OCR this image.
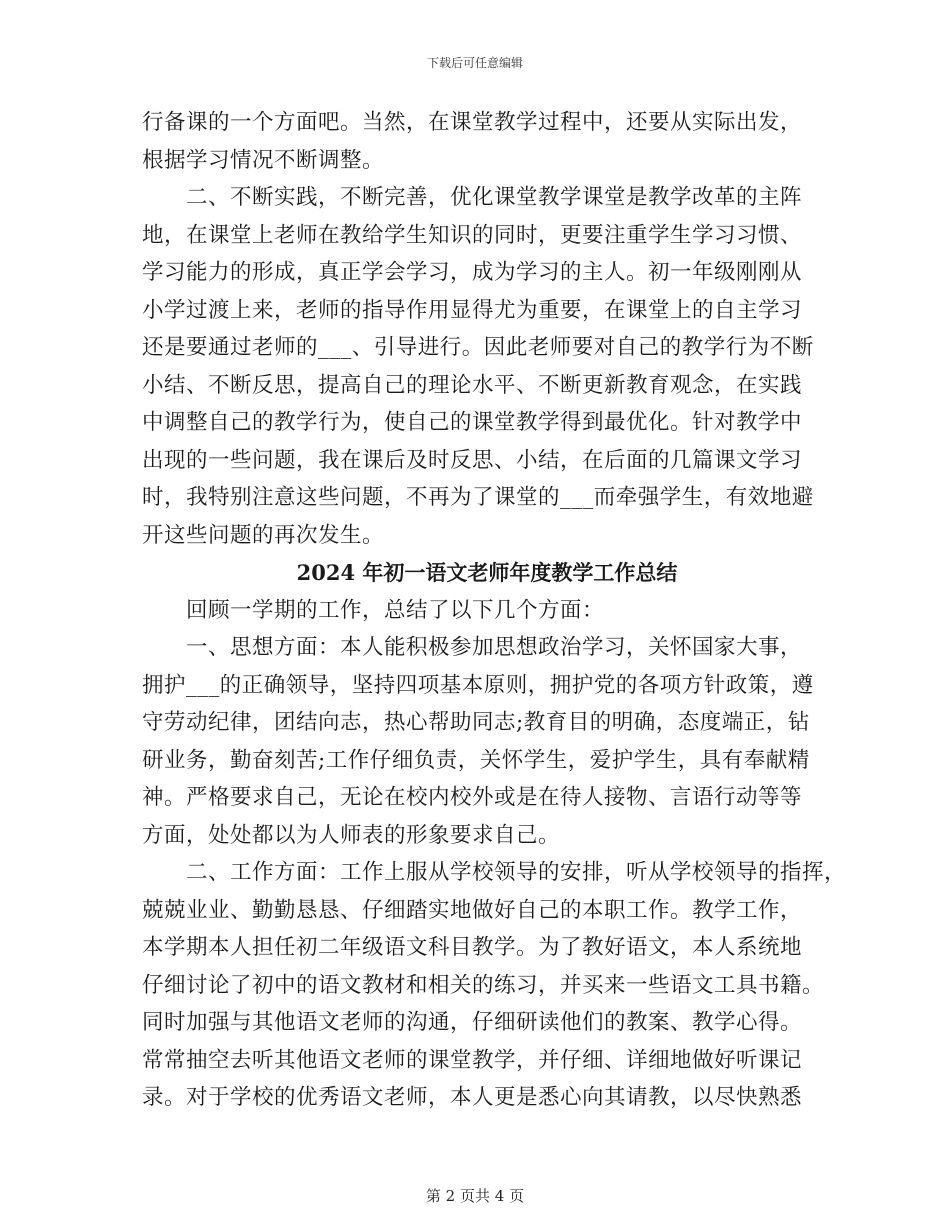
下载后可任意编辑
行备课的一个方面吧。当然，在课堂教学过程中，还要从实际出发，
根据学习情况不断调整。
二、不断实践，不断完善，优化课堂教学课堂是教学改革的主阵
地，在课堂上老师在教给学生知识的同时，更要注重学生学习习惯、
学习能力的形成，真正学会学习，成为学习的主人。初一年级刚刚从
小学过渡上来，老师的指导作用显得尤为重要，在课堂上的自主学习
还是要通过老师的___、引导进行。因此老师要对自己的教学行为不断
小结、不断反思，提高自己的理论水平、不断更新教育观念，在实践
中调整自己的教学行为，使自己的课堂教学得到最优化。针对教学中
出现的一些问题，我在课后及时反思、小结，在后面的几篇课文学习
时，我特别注意这些问题，不再为了课堂的___而牵强学生，有效地避
开这些问题的再次发生。
2024 年初一语文老师年度教学工作总结
回顾一学期的工作，总结了以下几个方面：
一、思想方面：本人能积极参加思想政治学习，关怀国家大事，
拥护___的正确领导，坚持四项基本原则，拥护党的各项方针政策，遵
守劳动纪律，团结向志，热心帮助同志;教育目的明确，态度端正，钻
研业务，勤奋刻苦;工作仔细负责，关怀学生，爱护学生，具有奉献精
神。严格要求自己，无论在校内校外或是在待人接物、言语行动等等
方面，处处都以为人师表的形象要求自己。
二、工作方面：工作上服从学校领导的安排，听从学校领导的指挥，
兢兢业业、勤勤恳恳、仔细踏实地做好自己的本职工作。教学工作，
本学期本人担任初二年级语文科目教学。为了教好语文，本人系统地
仔细讨论了初中的语文教材和相关的练习，并买来一些语文工具书籍。
同时加强与其他语文老师的沟通，仔细研读他们的教案、教学心得。
常常抽空去听其他语文老师的课堂教学，并仔细、详细地做好听课记
录。对于学校的优秀语文老师，本人更是悉心向其请教，以尽快熟悉
第 2 页共 4 页
